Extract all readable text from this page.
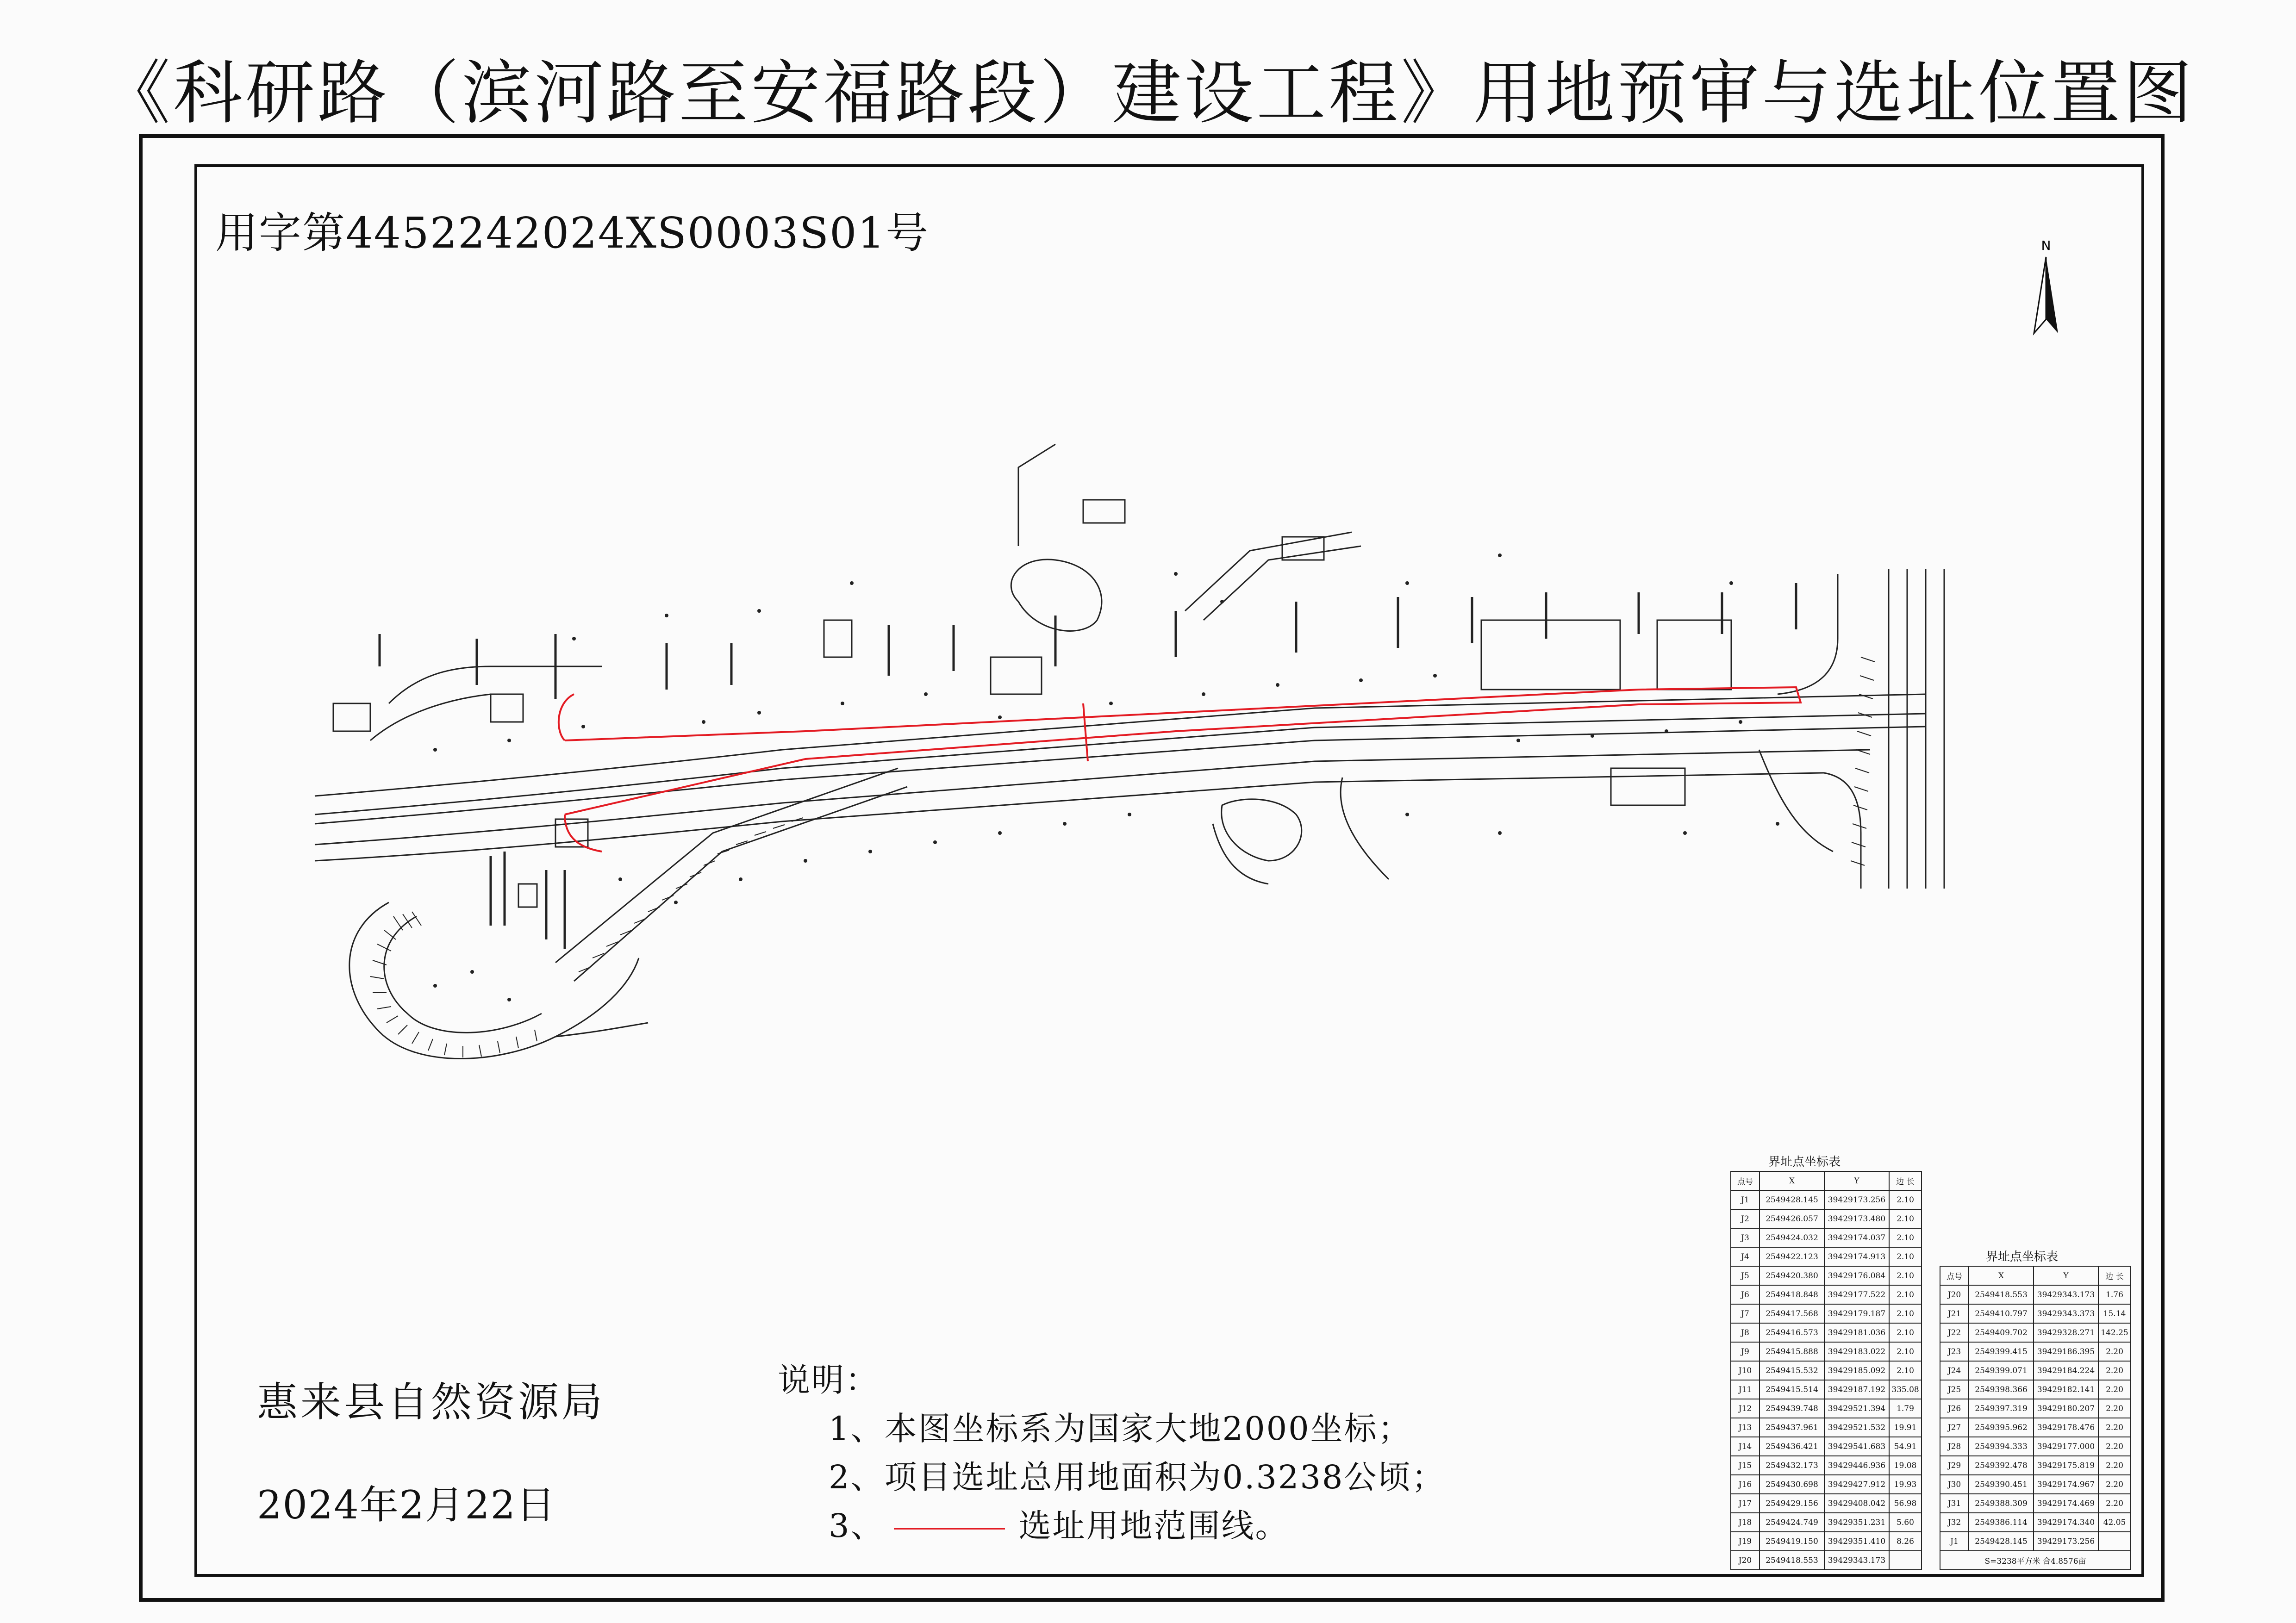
《科研路（滨河路至安福路段）建设工程》用地预审与选址位置图
用字第4452242024XS0003S01号	N
惠来县自然资源局
2024年2月22日
说明：
1、本图坐标系为国家大地2000坐标；
2、项目选址总用地面积为0.3238公顷；
3、	选址用地范围线。
界址点坐标表
点号	X	Y	边 长
J1	2549428.145	39429173.256	2.10
J2	2549426.057	39429173.480	2.10
J3	2549424.032	39429174.037	2.10
J4	2549422.123	39429174.913	2.10
J5	2549420.380	39429176.084	2.10
J6	2549418.848	39429177.522	2.10
J7	2549417.568	39429179.187	2.10
J8	2549416.573	39429181.036	2.10
J9	2549415.888	39429183.022	2.10
J10	2549415.532	39429185.092	2.10
J11	2549415.514	39429187.192	335.08
J12	2549439.748	39429521.394	1.79
J13	2549437.961	39429521.532	19.91
J14	2549436.421	39429541.683	54.91
J15	2549432.173	39429446.936	19.08
J16	2549430.698	39429427.912	19.93
J17	2549429.156	39429408.042	56.98
J18	2549424.749	39429351.231	5.60
J19	2549419.150	39429351.410	8.26
J20	2549418.553	39429343.173	
界址点坐标表
点号	X	Y	边 长
J20	2549418.553	39429343.173	1.76
J21	2549410.797	39429343.373	15.14
J22	2549409.702	39429328.271	142.25
J23	2549399.415	39429186.395	2.20
J24	2549399.071	39429184.224	2.20
J25	2549398.366	39429182.141	2.20
J26	2549397.319	39429180.207	2.20
J27	2549395.962	39429178.476	2.20
J28	2549394.333	39429177.000	2.20
J29	2549392.478	39429175.819	2.20
J30	2549390.451	39429174.967	2.20
J31	2549388.309	39429174.469	2.20
J32	2549386.114	39429174.340	42.05
J1	2549428.145	39429173.256	
S=3238平方米 合4.8576亩			
